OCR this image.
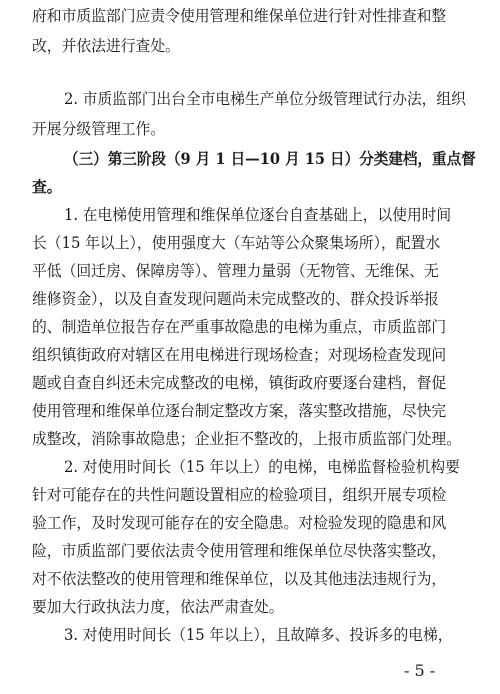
府和市质监部门应责令使用管理和维保单位进行针对性排查和整
改，并依法进行查处。
2. 市质监部门出台全市电梯生产单位分级管理试行办法，组织
开展分级管理工作。
（三）第三阶段（9 月 1 日—10 月 15 日）分类建档，重点督
查。
1. 在电梯使用管理和维保单位逐台自查基础上，以使用时间
长（15 年以上），使用强度大（车站等公众聚集场所），配置水
平低（回迁房、保障房等）、管理力量弱（无物管、无维保、无
维修资金），以及自查发现问题尚未完成整改的、群众投诉举报
的、制造单位报告存在严重事故隐患的电梯为重点，市质监部门
组织镇街政府对辖区在用电梯进行现场检查；对现场检查发现问
题或自查自纠还未完成整改的电梯，镇街政府要逐台建档，督促
使用管理和维保单位逐台制定整改方案，落实整改措施，尽快完
成整改，消除事故隐患；企业拒不整改的，上报市质监部门处理。
2. 对使用时间长（15 年以上）的电梯，电梯监督检验机构要
针对可能存在的共性问题设置相应的检验项目，组织开展专项检
验工作，及时发现可能存在的安全隐患。对检验发现的隐患和风
险，市质监部门要依法责令使用管理和维保单位尽快落实整改，
对不依法整改的使用管理和维保单位，以及其他违法违规行为，
要加大行政执法力度，依法严肃查处。
3. 对使用时间长（15 年以上），且故障多、投诉多的电梯，
- 5 -
